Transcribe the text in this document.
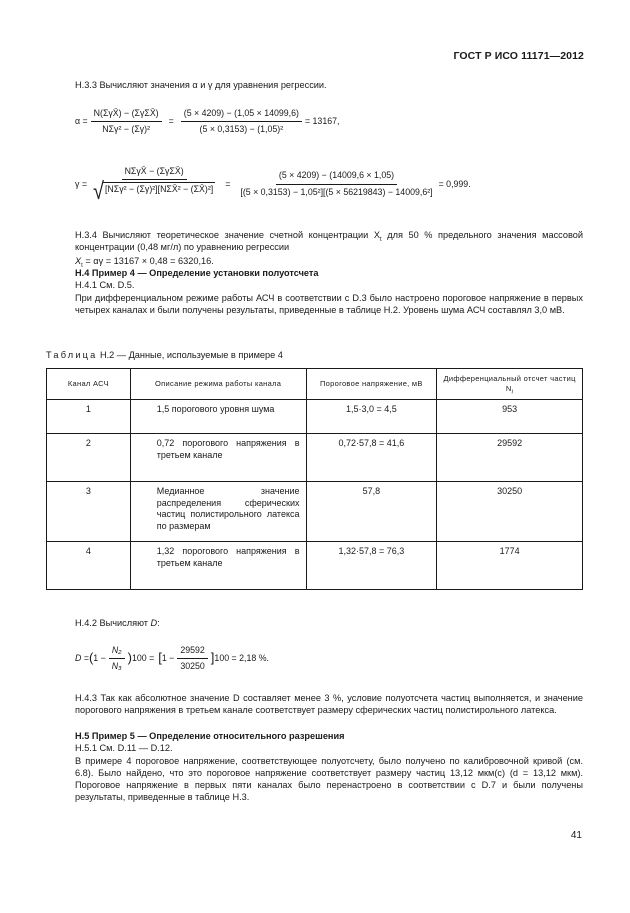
ГОСТ Р ИСО 11171—2012
Н.3.3 Вычисляют значения α и γ для уравнения регрессии.
$\alpha = \frac{\text{N(ΣγX̄) − (ΣγΣX̄)}}{\text{NΣγ² − (Σγ)²}} = \frac{(5 \times 4209) - (1,05 \times 14099,6)}{\text{(5 × 0,3153) − (1,05)²}} = 13167$,
$\gamma = \frac{\text{NΣγX̄ − (ΣγΣX̄)}}{\text{√ [NΣγ² − (Σγ)²][NΣX̄² − (ΣX̄)²]}} = \frac{(5 \times 4209) - (14009,6 \times 1,05)}{\text{[(5 × 0,3153) − 1,05²][(5 × 56219843) − 14009,6²]}} = 0,999$.
Н.3.4 Вычисляют теоретическое значение счетной концентрации $X_t$ для 50 % предельного значения массовой концентрации (0,48 мг/л) по уравнению регрессии
$X_t = \alpha\gamma = 13167 \times 0,48 = 6320,16$.
Н.4 Пример 4 — Определение установки полуотсчета
Н.4.1 См. D.5.
При дифференциальном режиме работы АСЧ в соответствии с D.3 было настроено пороговое напряжение в первых четырех каналах и были получены результаты, приведенные в таблице Н.2. Уровень шума АСЧ составлял 3,0 мВ.
Таблица Н.2 — Данные, используемые в примере 4
Канал АСЧ	Описание режима работы канала	Пороговое напряжение, мВ	Дифференциальный отсчет частиц $N_i$
1	1,5 порогового уровня шума	1,5·3,0 = 4,5	953
2	0,72 порогового напряжения в третьем канале	0,72·57,8 = 41,6	29592
3	Медианное значение распределения сферических частиц полистирольного латекса по размерам	57,8	30250
4	1,32 порогового напряжения в третьем канале	1,32·57,8 = 76,3	1774
Н.4.2 Вычисляют D:
D = ( $1 - \frac{\text{N₂}}{\text{N₃}}$ ) 100 = [ $1 - \frac{29592}{30250}$ ] 100 = 2,18 %.
Н.4.3 Так как абсолютное значение D составляет менее 3 %, условие полуотсчета частиц выполняется, и значение порогового напряжения в третьем канале соответствует размеру сферических частиц полистирольного латекса.
Н.5 Пример 5 — Определение относительного разрешения
Н.5.1 См. D.11 — D.12.
В примере 4 пороговое напряжение, соответствующее полуотсчету, было получено по калибровочной кривой (см. 6.8). Было найдено, что это пороговое напряжение соответствует размеру частиц 13,12 мкм(с) (d = 13,12 мкм). Пороговое напряжение в первых пяти каналах было перенастроено в соответствии с D.7 и были получены результаты, приведенные в таблице Н.3.
41
